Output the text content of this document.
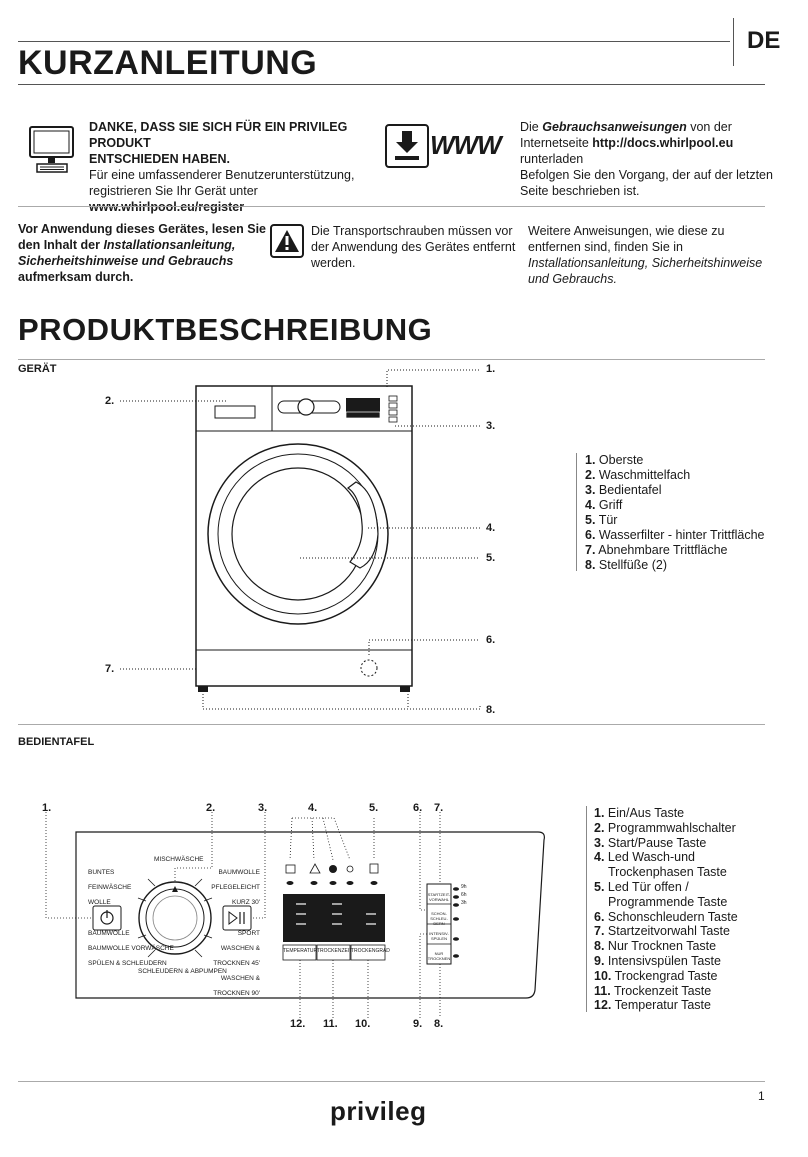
KURZANLEITUNG
DE
DANKE, DASS SIE SICH FÜR EIN PRIVILEG PRODUKT
ENTSCHIEDEN HABEN.
Für eine umfassenderer Benutzerunterstützung,
registrieren Sie Ihr Gerät unter
www.whirlpool.eu/register
WWW
Die Gebrauchsanweisungen von der
Internetseite http://docs.whirlpool.eu
runterladen
Befolgen Sie den Vorgang, der auf der letzten
Seite beschrieben ist.
Vor Anwendung dieses Gerätes, lesen Sie
den Inhalt der Installationsanleitung,
Sicherheitshinweise und Gebrauchs
aufmerksam durch.
Die Transportschrauben müssen vor
der Anwendung des Gerätes entfernt
werden.
Weitere Anweisungen, wie diese zu
entfernen sind, finden Sie in
Installationsanleitung, Sicherheitshinweise
und Gebrauchs.
PRODUKTBESCHREIBUNG
GERÄT	1.
2.
3.
4.
5.
6.
7.
8.
1. Oberste
2. Waschmittelfach
3. Bedientafel
4. Griff
5. Tür
6. Wasserfilter - hinter Trittfläche
7. Abnehmbare Trittfläche
8. Stellfüße (2)
BEDIENTAFEL
BUNTES
FEINWÄSCHE
WOLLE
BAUMWOLLE
BAUMWOLLE VORWÄSCHE
SPÜLEN & SCHLEUDERN
BAUMWOLLE
PFLEGELEICHT
KURZ 30'
SPORT
WASCHEN & TROCKNEN 45'
WASCHEN & TROCKNEN 90'
MISCHWÄSCHE
SCHLEUDERN & ABPUMPEN
TEMPERATUR TROCKENZEIT
TROCKENGRAD
STARTZEIT-VORWAHL
SCHON-SCHLEU-DERN
INTENSIV-SPÜLEN
NUR TROCKNEN
9h
6h
3h
1.	2.	3.	4.	5.	6. 7.
12. 11. 10.	9. 8.
1. Ein/Aus Taste
2. Programmwahlschalter
3. Start/Pause Taste
4. Led Wasch-und
Trockenphasen Taste
5. Led Tür offen /
Programmende Taste
6. Schonschleudern Taste
7. Startzeitvorwahl Taste
8. Nur Trocknen Taste
9. Intensivspülen Taste
10. Trockengrad Taste
11. Trockenzeit Taste
12. Temperatur Taste
1
privileg
